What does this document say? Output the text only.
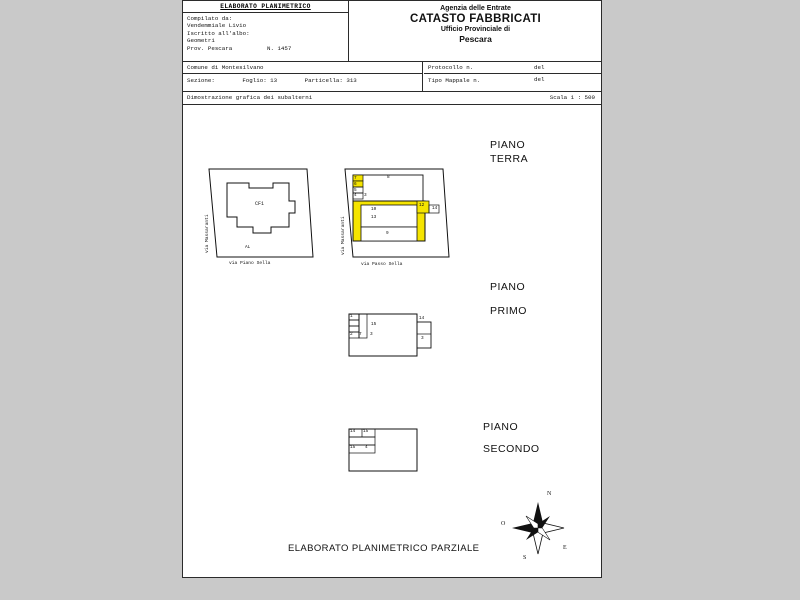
ELABORATO PLANIMETRICO
Compilato da:
Vendemmiale Livio
Iscritto all'albo:
Geometri
Prov. Pescara          N. 1457
Agenzia delle Entrate
CATASTO FABBRICATI
Ufficio Provinciale di
Pescara
Comune di Montesilvano
Sezione:	Foglio: 13	Particella: 313
Protocollo n.	del
Tipo Mappale n.	del
Dimostrazione grafica dei subalterni	Scala 1 : 500
PIANO
TERRA
PIANO
PRIMO
PIANO
SECONDO
CF1
AL
via Massaranti
via Piano Sella
7
6
5
4 3
8
10
13
12
14
9
via Massaranti
via Passo Sella
1
15
14
2 7 3
3
14 15
15 4
N
S
E
O
ELABORATO PLANIMETRICO PARZIALE
